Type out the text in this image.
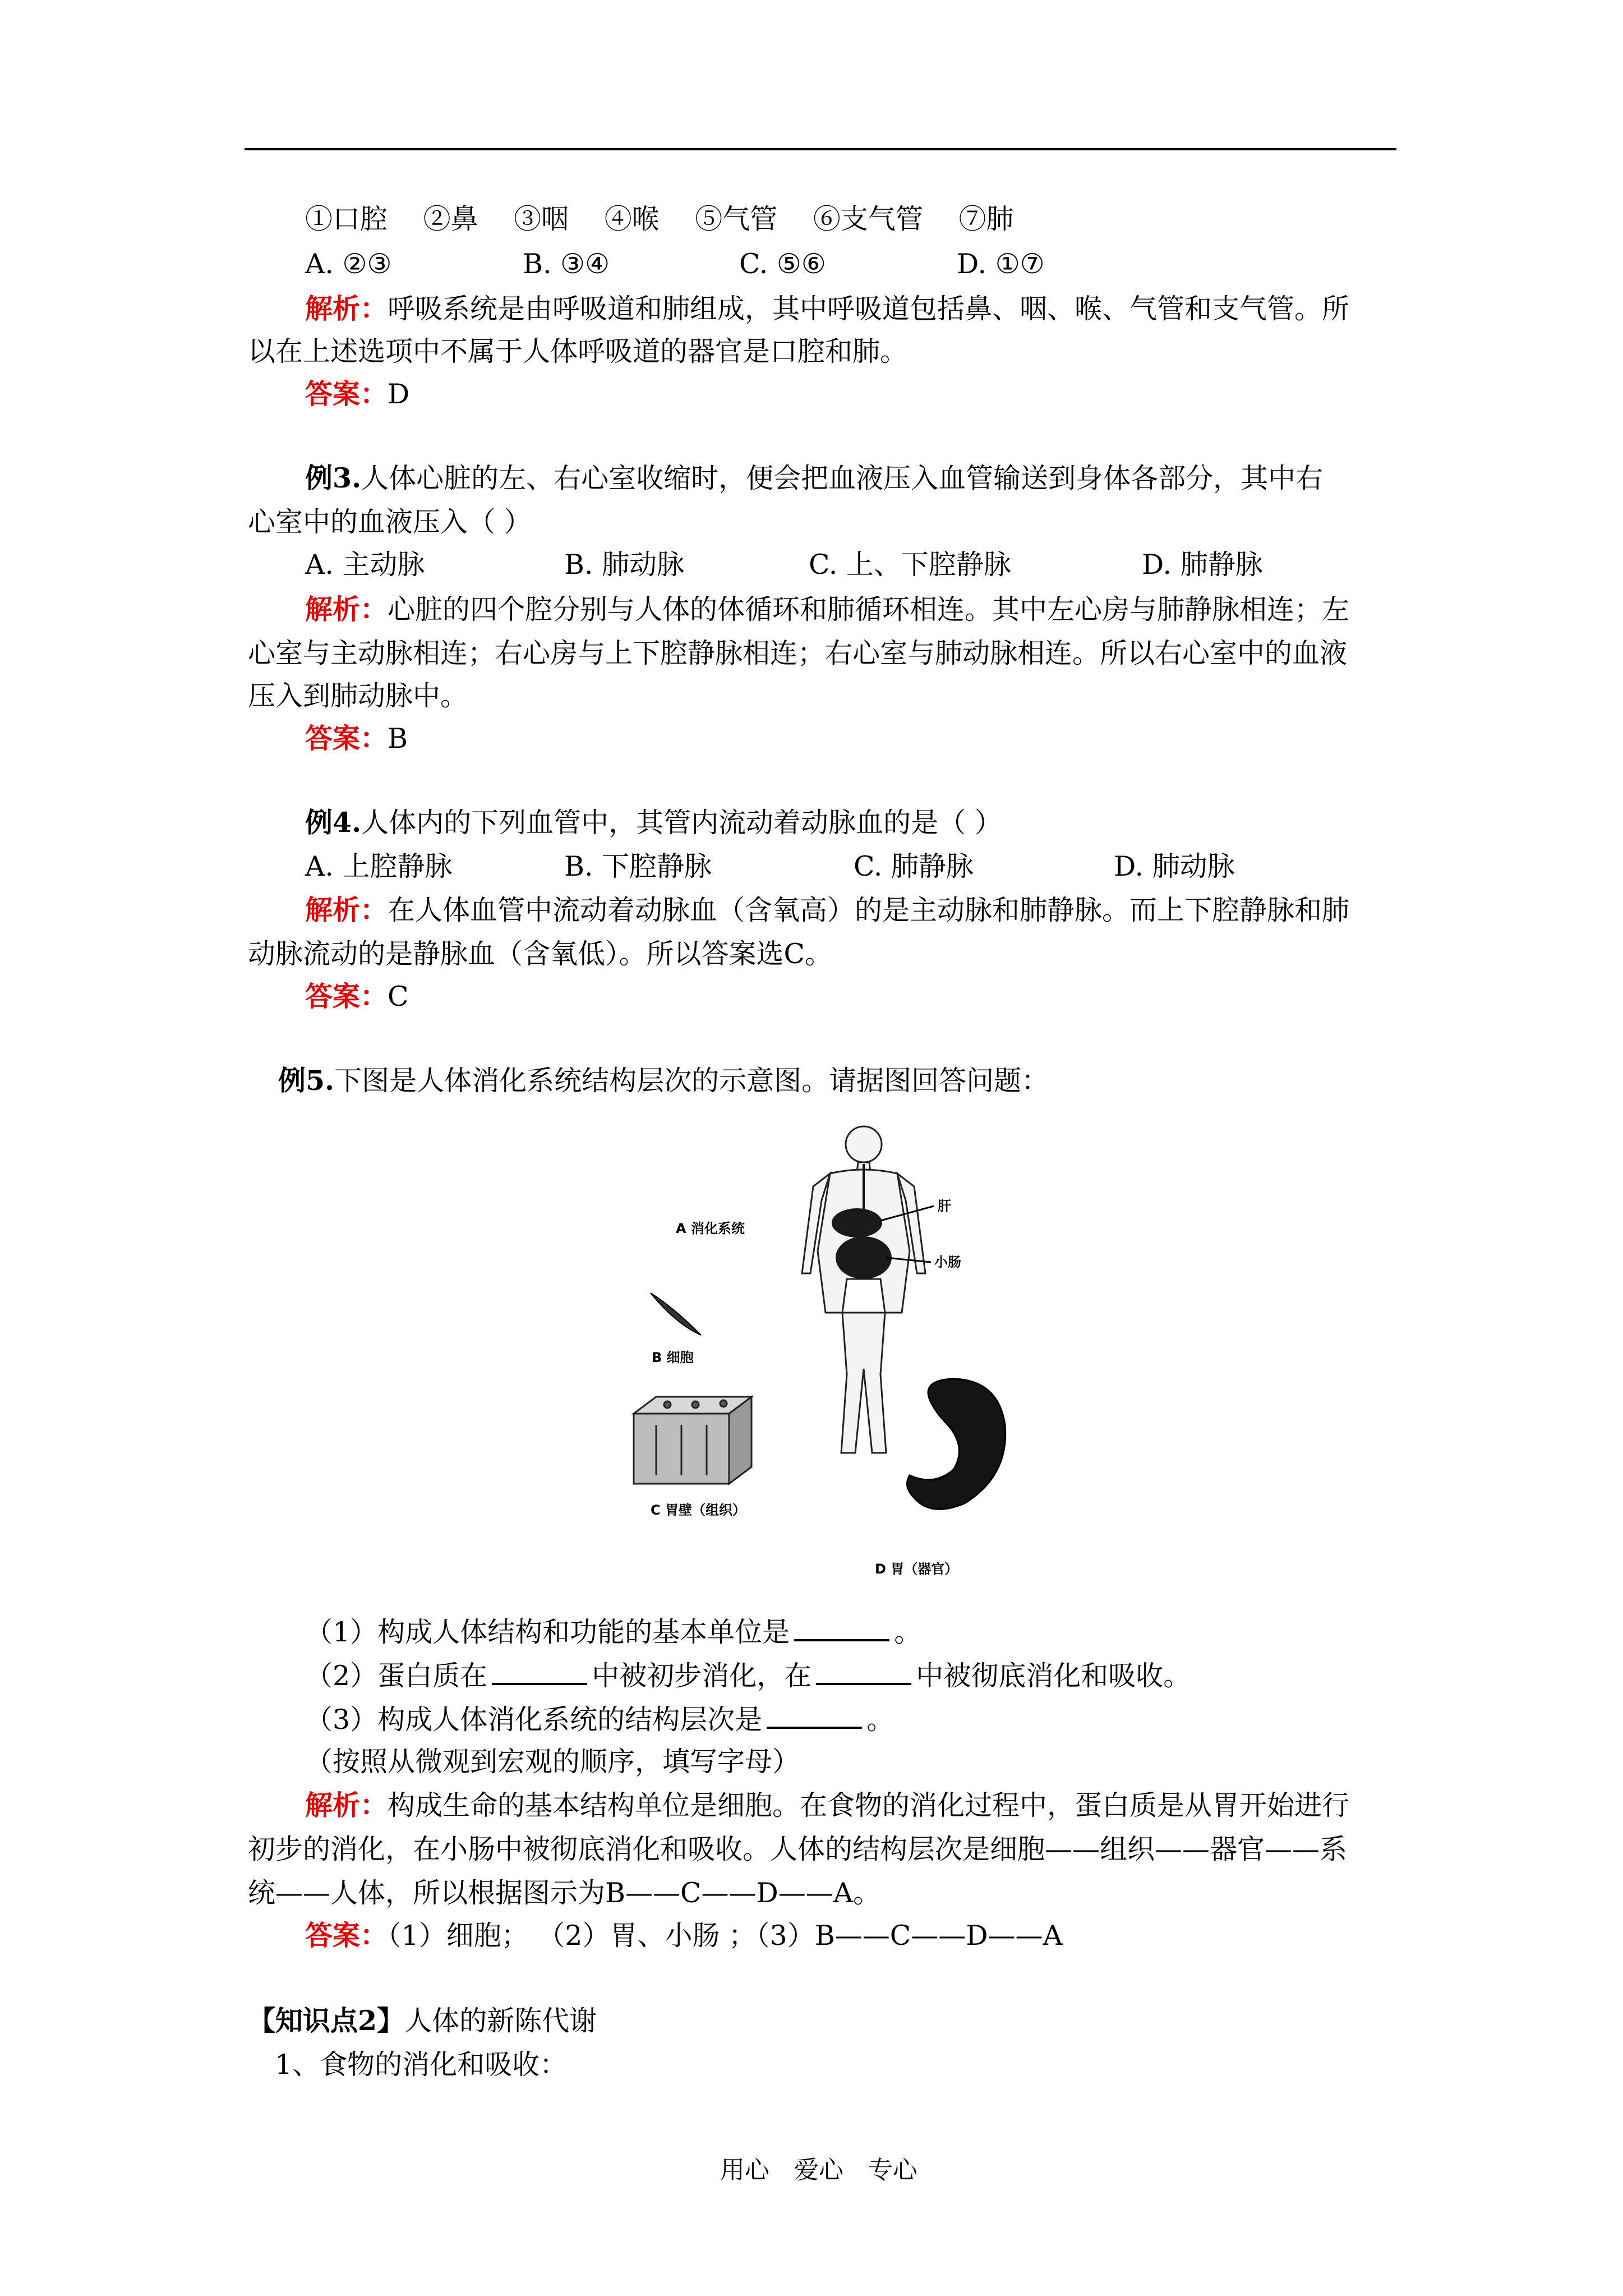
①口腔 ②鼻 ③咽 ④喉 ⑤气管 ⑥支气管 ⑦肺
A. ②③	B. ③④	C. ⑤⑥	D. ①⑦
解析：呼吸系统是由呼吸道和肺组成，其中呼吸道包括鼻、咽、喉、气管和支气管。所
以在上述选项中不属于人体呼吸道的器官是口腔和肺。
答案：D
例3.人体心脏的左、右心室收缩时，便会把血液压入血管输送到身体各部分，其中右
心室中的血液压入（ ）
A. 主动脉	B. 肺动脉	C. 上、下腔静脉	D. 肺静脉
解析：心脏的四个腔分别与人体的体循环和肺循环相连。其中左心房与肺静脉相连；左
心室与主动脉相连；右心房与上下腔静脉相连；右心室与肺动脉相连。所以右心室中的血液
压入到肺动脉中。
答案：B
例4.人体内的下列血管中，其管内流动着动脉血的是（ ）
A. 上腔静脉	B. 下腔静脉	C. 肺静脉	D. 肺动脉
解析：在人体血管中流动着动脉血（含氧高）的是主动脉和肺静脉。而上下腔静脉和肺
动脉流动的是静脉血（含氧低）。所以答案选C。
答案：C
例5.下图是人体消化系统结构层次的示意图。请据图回答问题：
肝
小肠
A 消化系统
B 细胞
C 胃壁（组织）
D 胃（器官）
（1）构成人体结构和功能的基本单位是	。
（2）蛋白质在	中被初步消化，在	中被彻底消化和吸收。
（3）构成人体消化系统的结构层次是	。
（按照从微观到宏观的顺序，填写字母）
解析：构成生命的基本结构单位是细胞。在食物的消化过程中，蛋白质是从胃开始进行
初步的消化，在小肠中被彻底消化和吸收。人体的结构层次是细胞——组织——器官——系
统——人体，所以根据图示为B——C——D——A。
答案：（1）细胞； （2）胃、小肠 ；（3）B——C——D——A
【知识点2】人体的新陈代谢
1、食物的消化和吸收：
用心 爱心 专心
